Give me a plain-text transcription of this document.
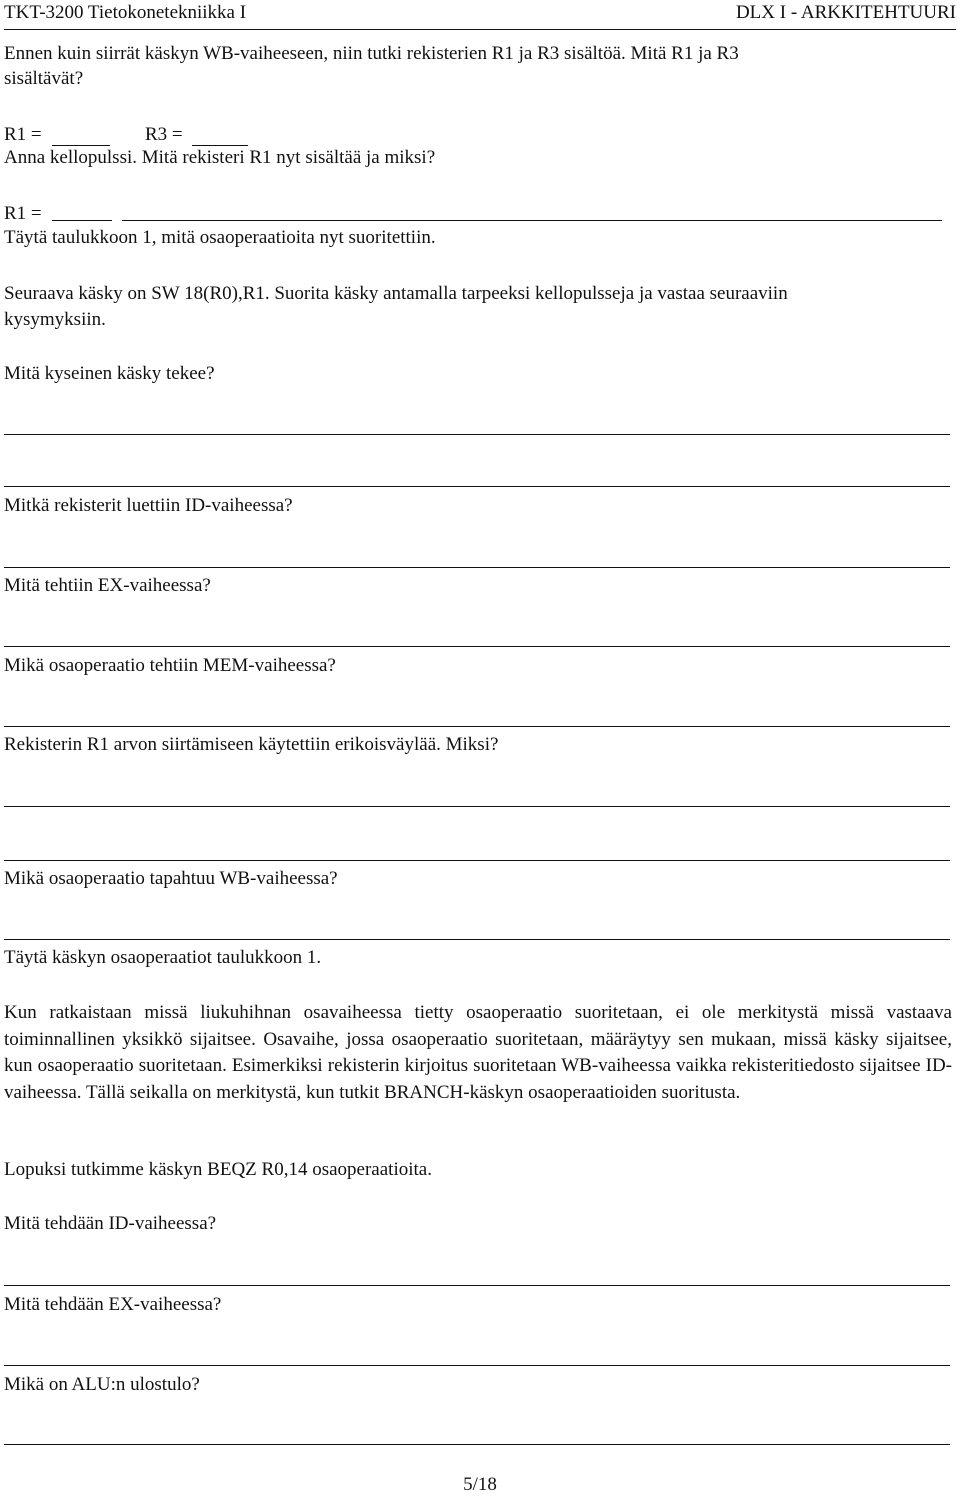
TKT-3200 Tietokonetekniikka I	DLX I - ARKKITEHTUURI
Ennen kuin siirrät käskyn WB-vaiheeseen, niin tutki rekisterien R1 ja R3 sisältöä. Mitä R1 ja R3
sisältävät?
R1 =	R3 =
Anna kellopulssi. Mitä rekisteri R1 nyt sisältää ja miksi?
R1 =
Täytä taulukkoon 1, mitä osaoperaatioita nyt suoritettiin.
Seuraava käsky on SW 18(R0),R1. Suorita käsky antamalla tarpeeksi kellopulsseja ja vastaa seuraaviin
kysymyksiin.
Mitä kyseinen käsky tekee?
Mitkä rekisterit luettiin ID-vaiheessa?
Mitä tehtiin EX-vaiheessa?
Mikä osaoperaatio tehtiin MEM-vaiheessa?
Rekisterin R1 arvon siirtämiseen käytettiin erikoisväylää. Miksi?
Mikä osaoperaatio tapahtuu WB-vaiheessa?
Täytä käskyn osaoperaatiot taulukkoon 1.
Kun ratkaistaan missä liukuhihnan osavaiheessa tietty osaoperaatio suoritetaan, ei ole merkitystä missä vastaava toiminnallinen yksikkö sijaitsee. Osavaihe, jossa osaoperaatio suoritetaan, määräytyy sen mukaan, missä käsky sijaitsee, kun osaoperaatio suoritetaan. Esimerkiksi rekisterin kirjoitus suoritetaan WB-vaiheessa vaikka rekisteritiedosto sijaitsee ID-vaiheessa. Tällä seikalla on merkitystä, kun tutkit BRANCH-käskyn osaoperaatioiden suoritusta.
Lopuksi tutkimme käskyn BEQZ R0,14 osaoperaatioita.
Mitä tehdään ID-vaiheessa?
Mitä tehdään EX-vaiheessa?
Mikä on ALU:n ulostulo?
5/18
